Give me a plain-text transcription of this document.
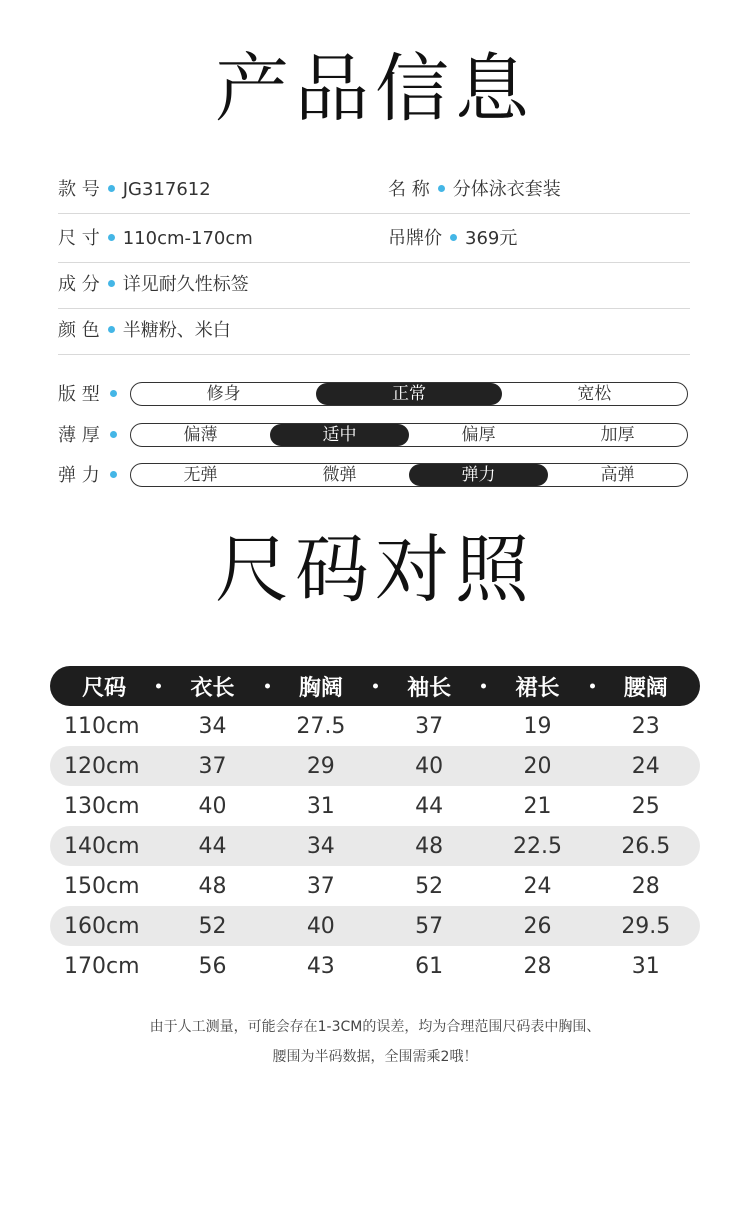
产品信息
款 号 JG317612	名 称 分体泳衣套装
尺 寸 110cm-170cm	吊牌价 369元
成 分 详见耐久性标签
颜 色 半糖粉、米白
版 型	修身	正常	宽松
薄 厚	偏薄	适中	偏厚	加厚
弹 力	无弹	微弹	弹力	高弹
尺码对照
尺码	衣长	胸阔	袖长	裙长	腰阔
110cm	34	27.5	37	19	23
120cm	37	29	40	20	24
130cm	40	31	44	21	25
140cm	44	34	48	22.5	26.5
150cm	48	37	52	24	28
160cm	52	40	57	26	29.5
170cm	56	43	61	28	31
由于人工测量，可能会存在1-3CM的误差，均为合理范围尺码表中胸围、
腰围为半码数据，全围需乘2哦！
